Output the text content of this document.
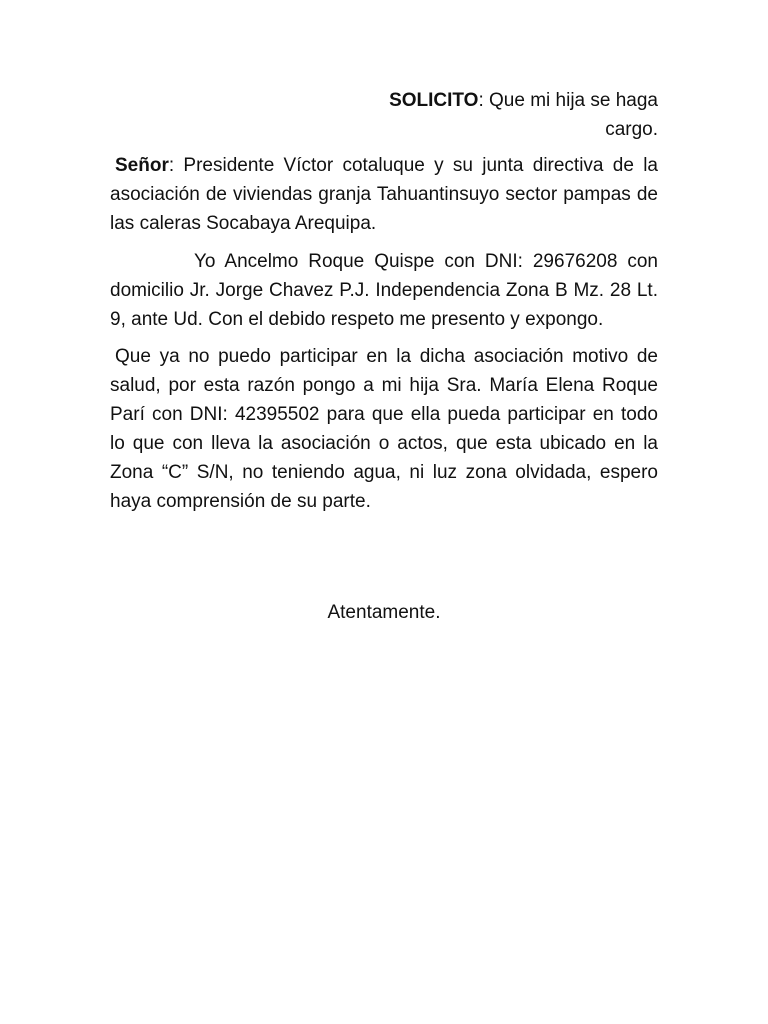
SOLICITO: Que mi hija se haga
cargo.

Señor: Presidente Víctor cotaluque y su junta directiva de la asociación de viviendas granja Tahuantinsuyo sector pampas de las caleras Socabaya Arequipa.

Yo Ancelmo Roque Quispe con DNI: 29676208 con domicilio Jr. Jorge Chavez P.J. Independencia Zona B Mz. 28 Lt. 9, ante Ud. Con el debido respeto me presento y expongo.

Que ya no puedo participar en la dicha asociación motivo de salud, por esta razón pongo a mi hija Sra. María Elena Roque Parí con DNI: 42395502 para que ella pueda participar en todo lo que con lleva la asociación o actos, que esta ubicado en la Zona “C” S/N, no teniendo agua, ni luz zona olvidada, espero haya comprensión de su parte.

Atentamente.
